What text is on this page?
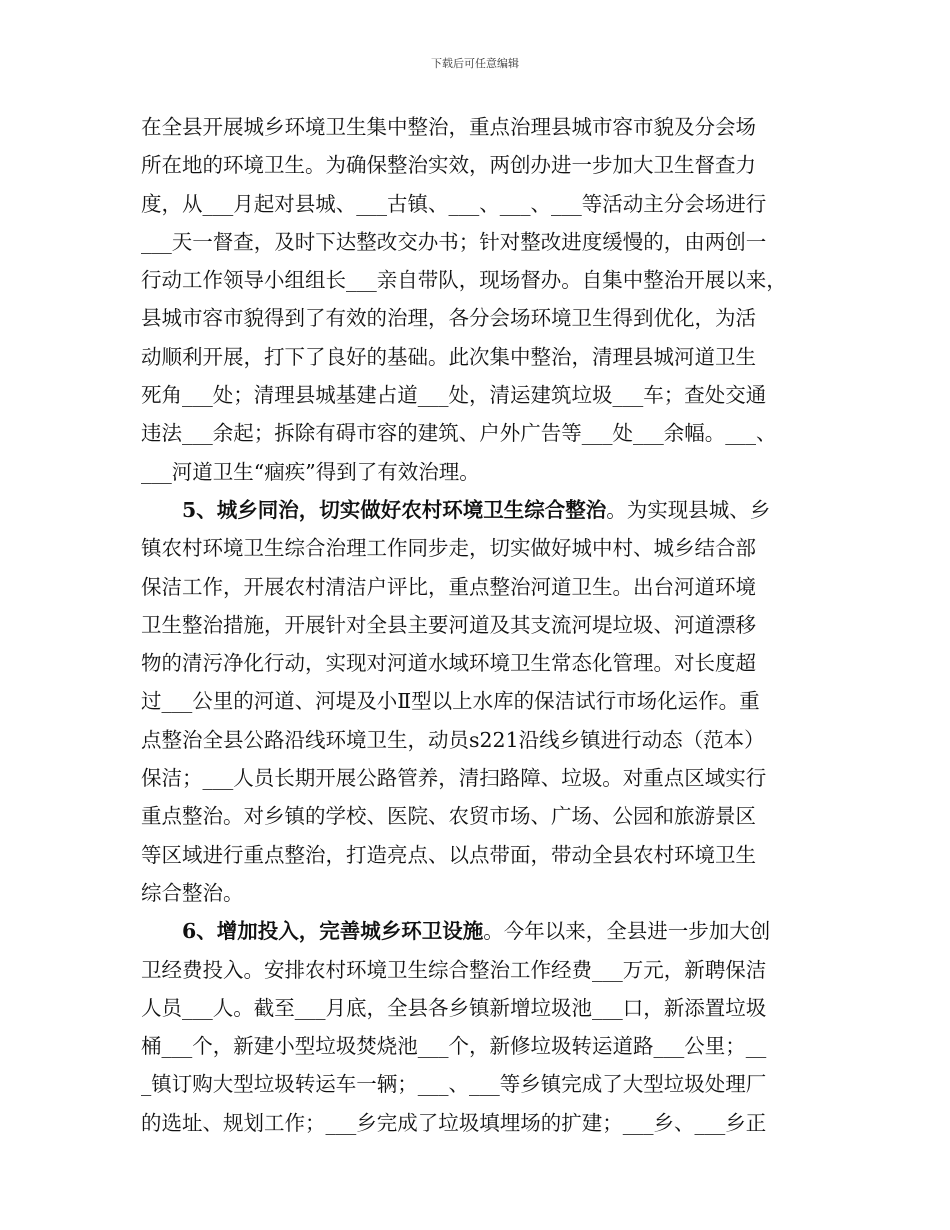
下载后可任意编辑
在全县开展城乡环境卫生集中整治，重点治理县城市容市貌及分会场
所在地的环境卫生。为确保整治实效，两创办进一步加大卫生督查力
度，从___月起对县城、___古镇、___、___、___等活动主分会场进行
___天一督查，及时下达整改交办书；针对整改进度缓慢的，由两创一
行动工作领导小组组长___亲自带队，现场督办。自集中整治开展以来，
县城市容市貌得到了有效的治理，各分会场环境卫生得到优化，为活
动顺利开展，打下了良好的基础。此次集中整治，清理县城河道卫生
死角___处；清理县城基建占道___处，清运建筑垃圾___车；查处交通
违法___余起；拆除有碍市容的建筑、户外广告等___处___余幅。___、
___河道卫生“痼疾”得到了有效治理。
5、城乡同治，切实做好农村环境卫生综合整治。为实现县城、乡
镇农村环境卫生综合治理工作同步走，切实做好城中村、城乡结合部
保洁工作，开展农村清洁户评比，重点整治河道卫生。出台河道环境
卫生整治措施，开展针对全县主要河道及其支流河堤垃圾、河道漂移
物的清污净化行动，实现对河道水域环境卫生常态化管理。对长度超
过___公里的河道、河堤及小Ⅱ型以上水库的保洁试行市场化运作。重
点整治全县公路沿线环境卫生，动员s221沿线乡镇进行动态（范本）
保洁；___人员长期开展公路管养，清扫路障、垃圾。对重点区域实行
重点整治。对乡镇的学校、医院、农贸市场、广场、公园和旅游景区
等区域进行重点整治，打造亮点、以点带面，带动全县农村环境卫生
综合整治。
6、增加投入，完善城乡环卫设施。今年以来，全县进一步加大创
卫经费投入。安排农村环境卫生综合整治工作经费___万元，新聘保洁
人员___人。截至___月底，全县各乡镇新增垃圾池___口，新添置垃圾
桶___个，新建小型垃圾焚烧池___个，新修垃圾转运道路___公里；__
_镇订购大型垃圾转运车一辆；___、___等乡镇完成了大型垃圾处理厂
的选址、规划工作；___乡完成了垃圾填埋场的扩建；___乡、___乡正
